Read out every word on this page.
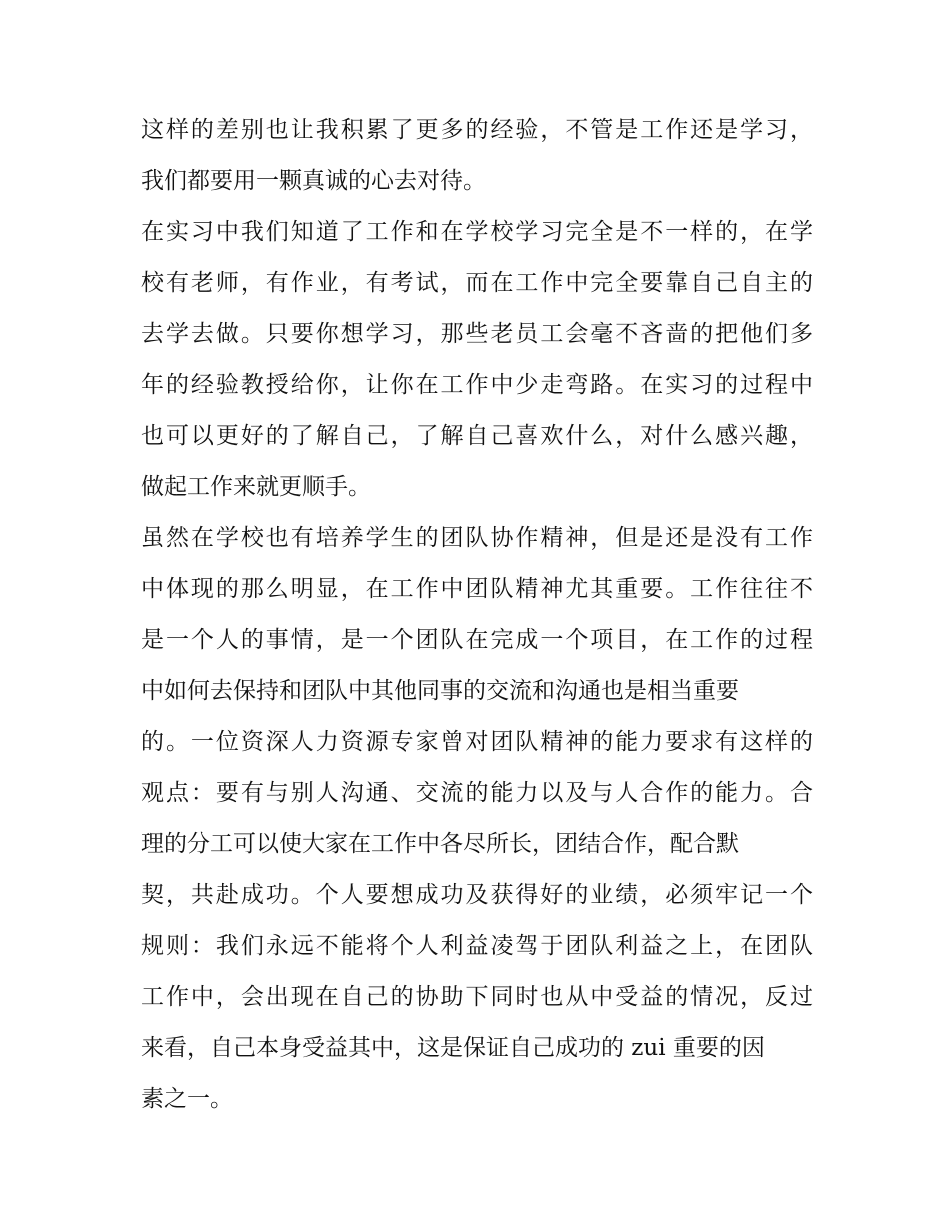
这样的差别也让我积累了更多的经验，不管是工作还是学习，
我们都要用一颗真诚的心去对待。
在实习中我们知道了工作和在学校学习完全是不一样的，在学
校有老师，有作业，有考试，而在工作中完全要靠自己自主的
去学去做。只要你想学习，那些老员工会毫不吝啬的把他们多
年的经验教授给你，让你在工作中少走弯路。在实习的过程中
也可以更好的了解自己，了解自己喜欢什么，对什么感兴趣，
做起工作来就更顺手。
虽然在学校也有培养学生的团队协作精神，但是还是没有工作
中体现的那么明显，在工作中团队精神尤其重要。工作往往不
是一个人的事情，是一个团队在完成一个项目，在工作的过程
中如何去保持和团队中其他同事的交流和沟通也是相当重要
的。一位资深人力资源专家曾对团队精神的能力要求有这样的
观点：要有与别人沟通、交流的能力以及与人合作的能力。合
理的分工可以使大家在工作中各尽所长，团结合作，配合默
契，共赴成功。个人要想成功及获得好的业绩，必须牢记一个
规则：我们永远不能将个人利益凌驾于团队利益之上，在团队
工作中，会出现在自己的协助下同时也从中受益的情况，反过
来看，自己本身受益其中，这是保证自己成功的 zui 重要的因
素之一。
